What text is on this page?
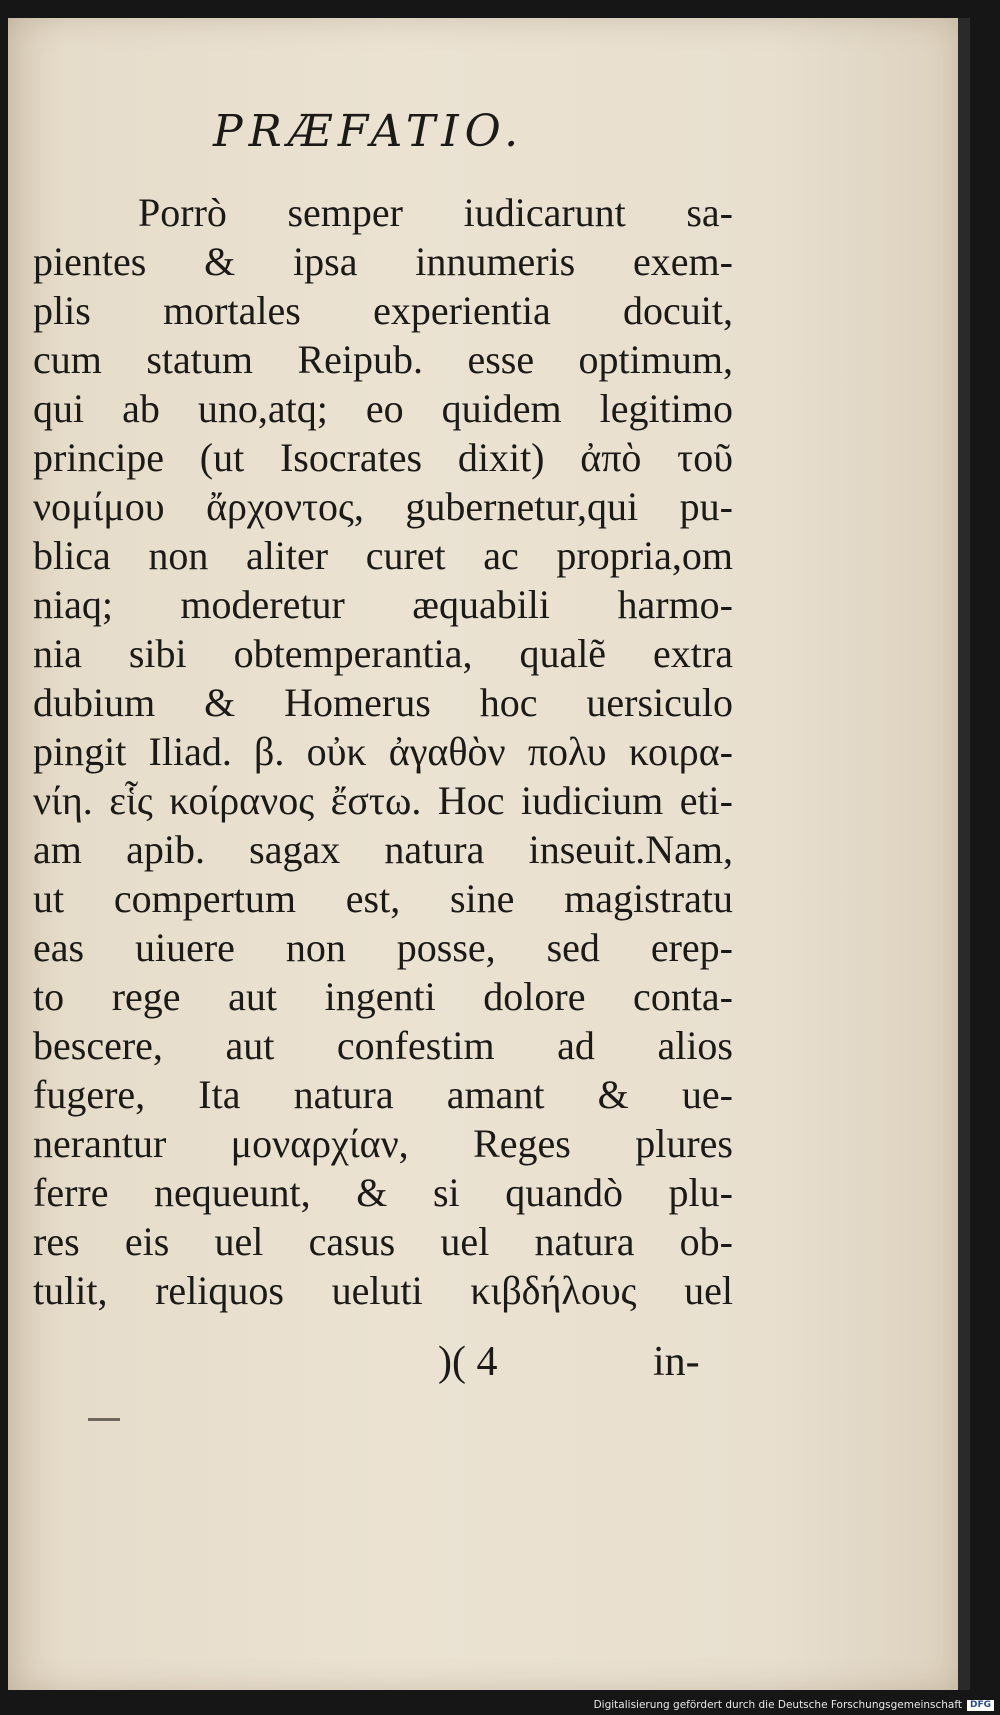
PRÆFATIO.
Porrò semper iudicarunt sa-
pientes & ipsa innumeris exem-
plis mortales experientia docuit,
cum statum Reipub. esse optimum,
qui ab uno,atq; eo quidem legitimo
principe (ut Isocrates dixit) ἀπὸ τοῦ
νομίμου ἄρχοντος, gubernetur,qui pu-
blica non aliter curet ac propria,om
niaq; moderetur æquabili harmo-
nia sibi obtemperantia, qualẽ extra
dubium & Homerus hoc uersiculo
pingit Iliad. β. οὐκ ἀγαθὸν πολυ κοιρα-
νίη. εἷς κοίρανος ἔστω. Hoc iudicium eti-
am apib. sagax natura inseuit.Nam,
ut compertum est, sine magistratu
eas uiuere non posse, sed erep-
to rege aut ingenti dolore conta-
bescere, aut confestim ad alios
fugere, Ita natura amant & ue-
nerantur μοναρχίαν, Reges plures
ferre nequeunt, & si quandò plu-
res eis uel casus uel natura ob-
tulit, reliquos ueluti κιβδήλους uel
)( 4	in-
Digitalisierung gefördert durch die Deutsche Forschungsgemeinschaft DFG
